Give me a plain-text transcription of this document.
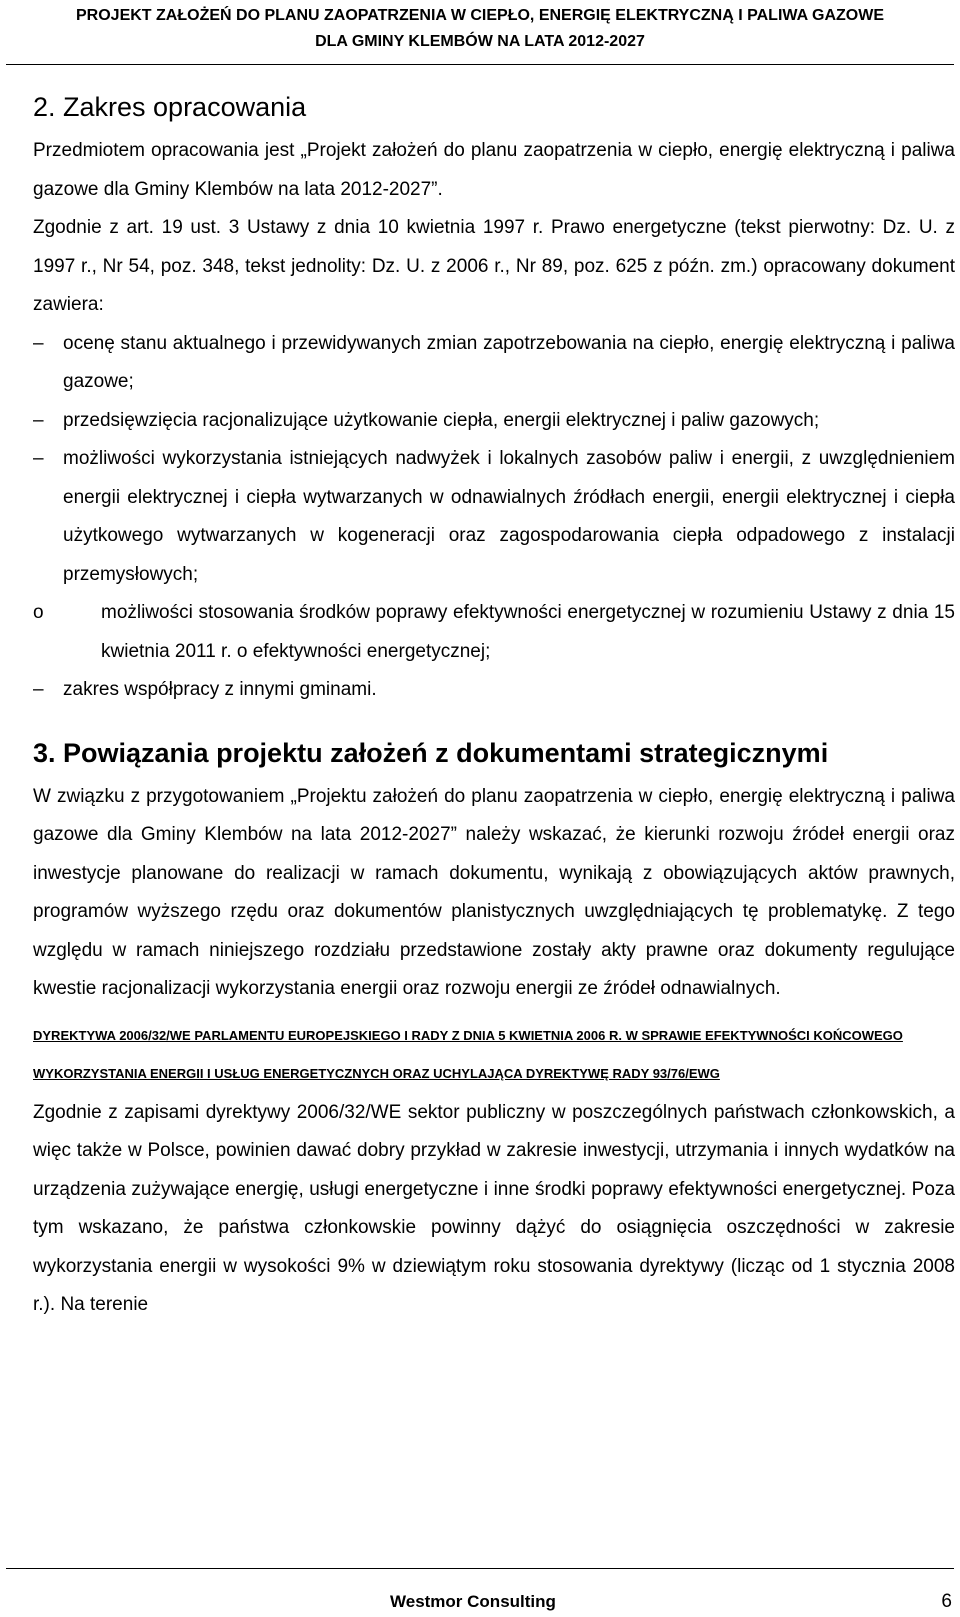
PROJEKT ZAŁOŻEŃ DO PLANU ZAOPATRZENIA W CIEPŁO, ENERGIĘ ELEKTRYCZNĄ I PALIWA GAZOWE
DLA GMINY KLEMBÓW NA LATA 2012-2027
2. Zakres opracowania

Przedmiotem opracowania jest „Projekt założeń do planu zaopatrzenia w ciepło, energię elektryczną i paliwa gazowe dla Gminy Klembów na lata 2012-2027”.

Zgodnie z art. 19 ust. 3 Ustawy z dnia 10 kwietnia 1997 r. Prawo energetyczne (tekst pierwotny: Dz. U. z 1997 r., Nr 54, poz. 348, tekst jednolity: Dz. U. z 2006 r., Nr 89, poz. 625 z późn. zm.) opracowany dokument zawiera:

–	ocenę stanu aktualnego i przewidywanych zmian zapotrzebowania na ciepło, energię elektryczną i paliwa gazowe;
–	przedsięwzięcia racjonalizujące użytkowanie ciepła, energii elektrycznej i paliw gazowych;
–	możliwości wykorzystania istniejących nadwyżek i lokalnych zasobów paliw i energii, z uwzględnieniem energii elektrycznej i ciepła wytwarzanych w odnawialnych źródłach energii, energii elektrycznej i ciepła użytkowego wytwarzanych w kogeneracji oraz zagospodarowania ciepła odpadowego z instalacji przemysłowych;
o	możliwości stosowania środków poprawy efektywności energetycznej w rozumieniu Ustawy z dnia 15 kwietnia 2011 r. o efektywności energetycznej;
–	zakres współpracy z innymi gminami.
3. Powiązania projektu założeń z dokumentami strategicznymi

W związku z przygotowaniem „Projektu założeń do planu zaopatrzenia w ciepło, energię elektryczną i paliwa gazowe dla Gminy Klembów na lata 2012-2027” należy wskazać, że kierunki rozwoju źródeł energii oraz inwestycje planowane do realizacji w ramach dokumentu, wynikają z obowiązujących aktów prawnych, programów wyższego rzędu oraz dokumentów planistycznych uwzględniających tę problematykę. Z tego względu w ramach niniejszego rozdziału przedstawione zostały akty prawne oraz dokumenty regulujące kwestie racjonalizacji wykorzystania energii oraz rozwoju energii ze źródeł odnawialnych.

DYREKTYWA 2006/32/WE PARLAMENTU EUROPEJSKIEGO I RADY Z DNIA 5 KWIETNIA 2006 R. W SPRAWIE EFEKTYWNOŚCI KOŃCOWEGO WYKORZYSTANIA ENERGII I USŁUG ENERGETYCZNYCH ORAZ UCHYLAJĄCA DYREKTYWĘ RADY 93/76/EWG

Zgodnie z zapisami dyrektywy 2006/32/WE sektor publiczny w poszczególnych państwach członkowskich, a więc także w Polsce, powinien dawać dobry przykład w zakresie inwestycji, utrzymania i innych wydatków na urządzenia zużywające energię, usługi energetyczne i inne środki poprawy efektywności energetycznej. Poza tym wskazano, że państwa członkowskie powinny dążyć do osiągnięcia oszczędności w zakresie wykorzystania energii w wysokości 9% w dziewiątym roku stosowania dyrektywy (licząc od 1 stycznia 2008 r.). Na terenie

Westmor Consulting	6
